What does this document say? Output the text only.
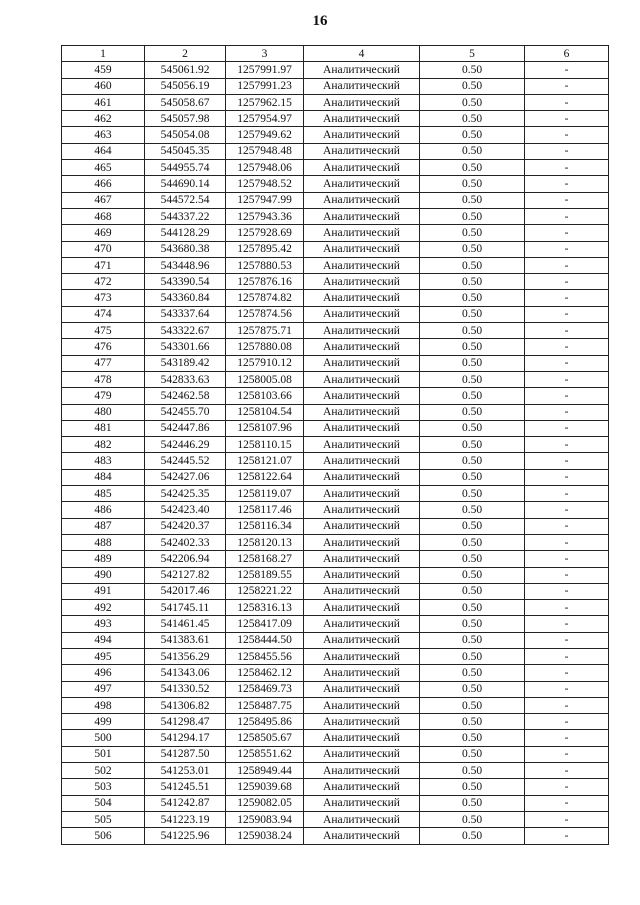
16
1	2	3	4	5	6
459	545061.92	1257991.97	Аналитический	0.50	-
460	545056.19	1257991.23	Аналитический	0.50	-
461	545058.67	1257962.15	Аналитический	0.50	-
462	545057.98	1257954.97	Аналитический	0.50	-
463	545054.08	1257949.62	Аналитический	0.50	-
464	545045.35	1257948.48	Аналитический	0.50	-
465	544955.74	1257948.06	Аналитический	0.50	-
466	544690.14	1257948.52	Аналитический	0.50	-
467	544572.54	1257947.99	Аналитический	0.50	-
468	544337.22	1257943.36	Аналитический	0.50	-
469	544128.29	1257928.69	Аналитический	0.50	-
470	543680.38	1257895.42	Аналитический	0.50	-
471	543448.96	1257880.53	Аналитический	0.50	-
472	543390.54	1257876.16	Аналитический	0.50	-
473	543360.84	1257874.82	Аналитический	0.50	-
474	543337.64	1257874.56	Аналитический	0.50	-
475	543322.67	1257875.71	Аналитический	0.50	-
476	543301.66	1257880.08	Аналитический	0.50	-
477	543189.42	1257910.12	Аналитический	0.50	-
478	542833.63	1258005.08	Аналитический	0.50	-
479	542462.58	1258103.66	Аналитический	0.50	-
480	542455.70	1258104.54	Аналитический	0.50	-
481	542447.86	1258107.96	Аналитический	0.50	-
482	542446.29	1258110.15	Аналитический	0.50	-
483	542445.52	1258121.07	Аналитический	0.50	-
484	542427.06	1258122.64	Аналитический	0.50	-
485	542425.35	1258119.07	Аналитический	0.50	-
486	542423.40	1258117.46	Аналитический	0.50	-
487	542420.37	1258116.34	Аналитический	0.50	-
488	542402.33	1258120.13	Аналитический	0.50	-
489	542206.94	1258168.27	Аналитический	0.50	-
490	542127.82	1258189.55	Аналитический	0.50	-
491	542017.46	1258221.22	Аналитический	0.50	-
492	541745.11	1258316.13	Аналитический	0.50	-
493	541461.45	1258417.09	Аналитический	0.50	-
494	541383.61	1258444.50	Аналитический	0.50	-
495	541356.29	1258455.56	Аналитический	0.50	-
496	541343.06	1258462.12	Аналитический	0.50	-
497	541330.52	1258469.73	Аналитический	0.50	-
498	541306.82	1258487.75	Аналитический	0.50	-
499	541298.47	1258495.86	Аналитический	0.50	-
500	541294.17	1258505.67	Аналитический	0.50	-
501	541287.50	1258551.62	Аналитический	0.50	-
502	541253.01	1258949.44	Аналитический	0.50	-
503	541245.51	1259039.68	Аналитический	0.50	-
504	541242.87	1259082.05	Аналитический	0.50	-
505	541223.19	1259083.94	Аналитический	0.50	-
506	541225.96	1259038.24	Аналитический	0.50	-
